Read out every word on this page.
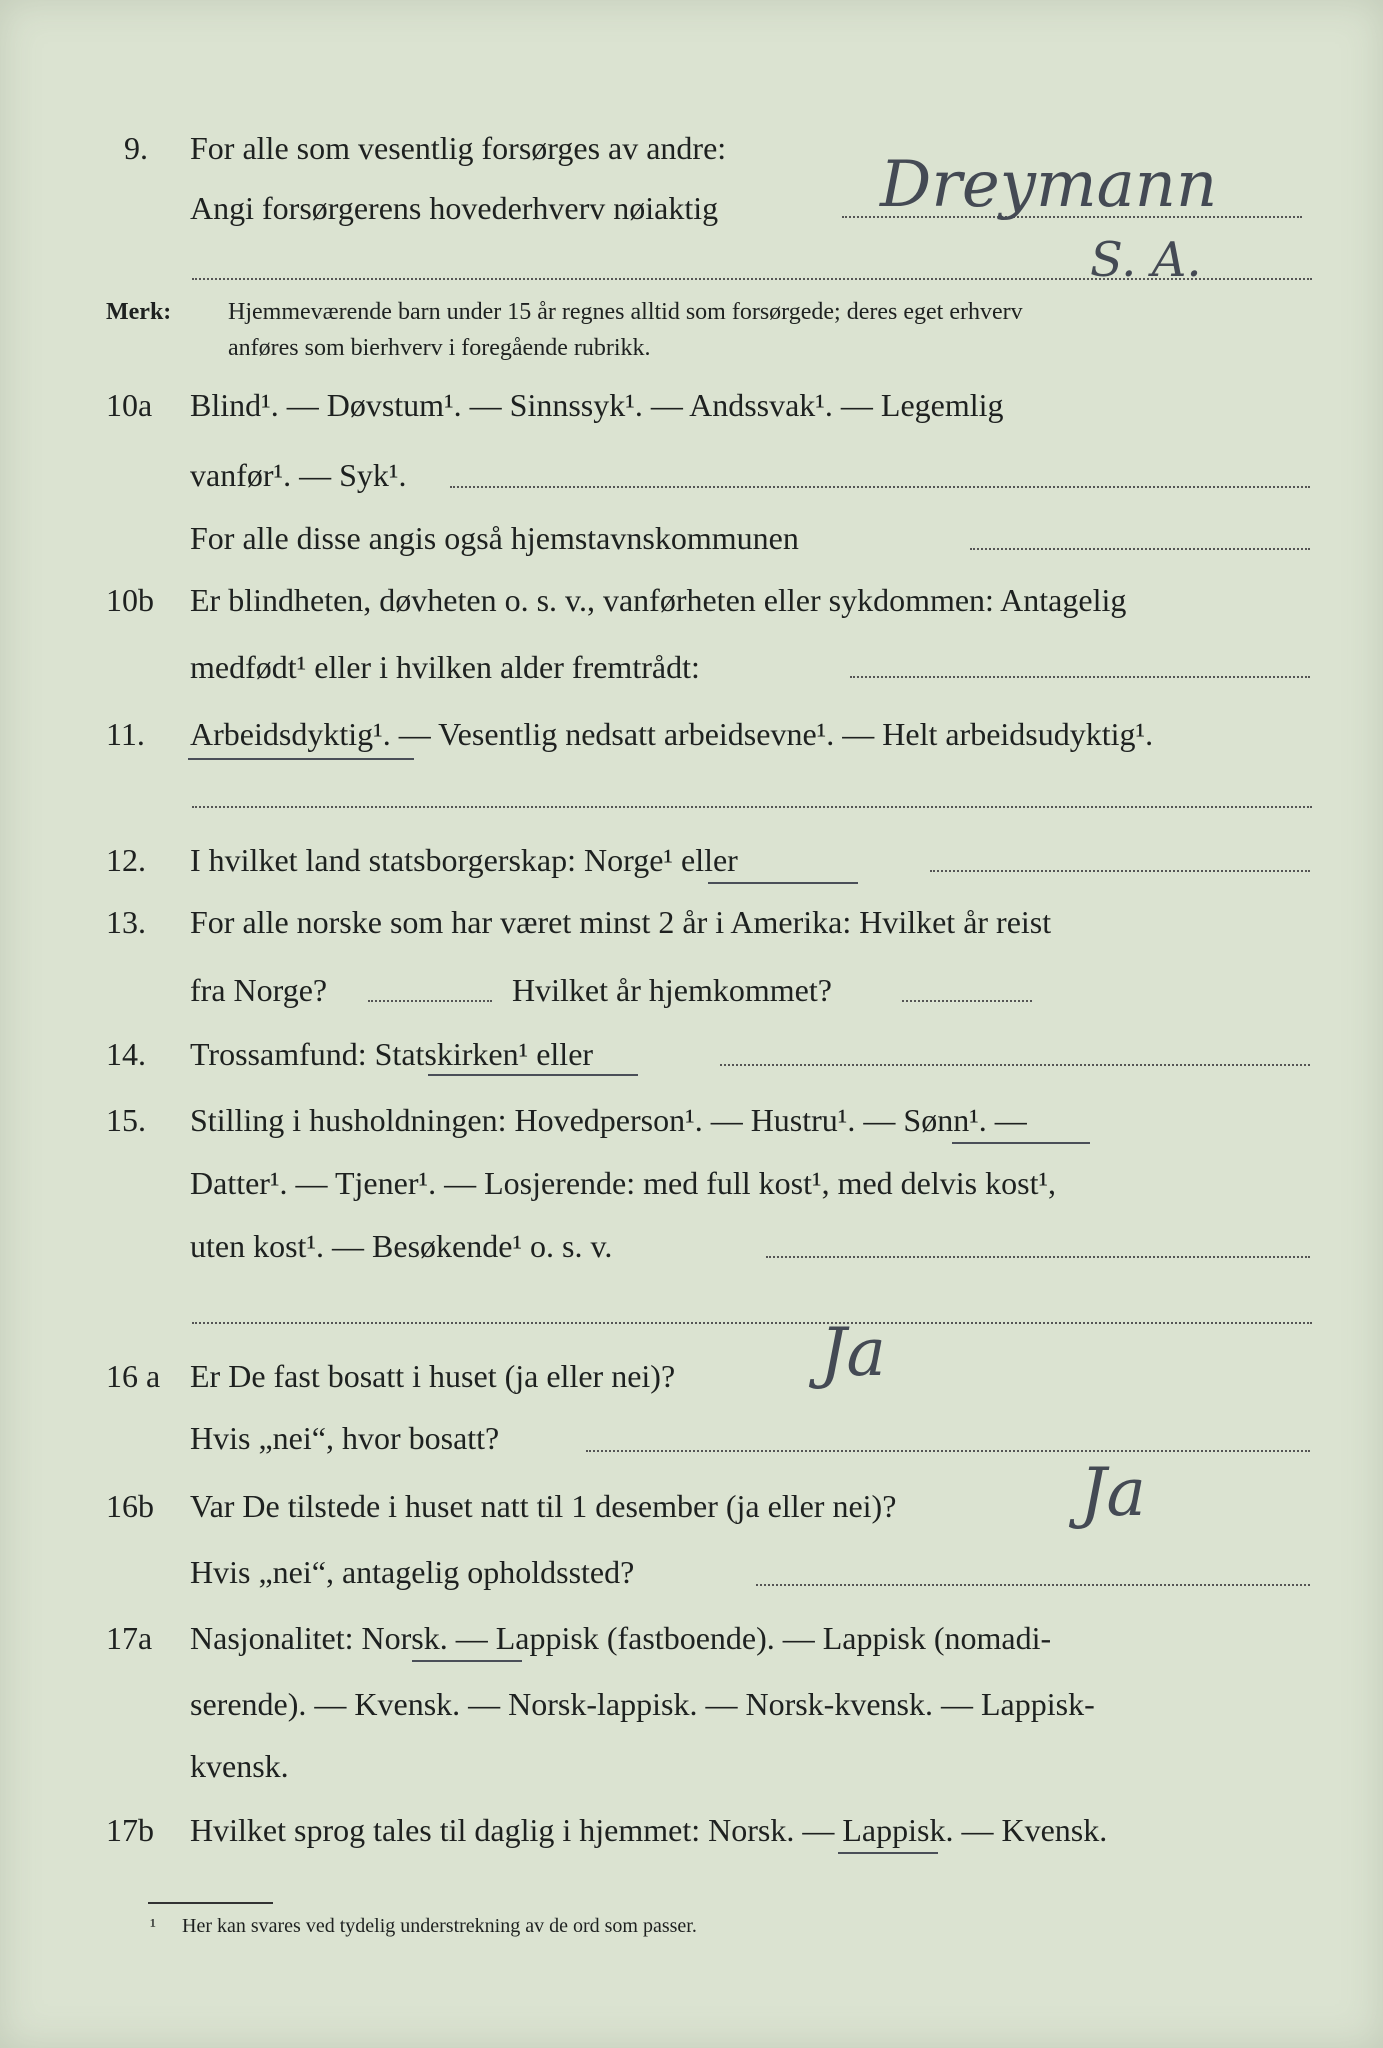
9. For alle som vesentlig forsørges av andre:
Angi forsørgerens hovederhverv nøiaktig	Dreymann
S. A.
Merk: Hjemmeværende barn under 15 år regnes alltid som forsørgede; deres eget erhverv
anføres som bierhverv i foregående rubrikk.
10a Blind¹. — Døvstum¹. — Sinnssyk¹. — Andssvak¹. — Legemlig
vanfør¹. — Syk¹.
For alle disse angis også hjemstavnskommunen
10b Er blindheten, døvheten o. s. v., vanførheten eller sykdommen: Antagelig
medfødt¹ eller i hvilken alder fremtrådt:
11. Arbeidsdyktig¹. — Vesentlig nedsatt arbeidsevne¹. — Helt arbeidsudyktig¹.
12. I hvilket land statsborgerskap: Norge¹ eller
13. For alle norske som har været minst 2 år i Amerika: Hvilket år reist
fra Norge?	Hvilket år hjemkommet?
14. Trossamfund: Statskirken¹ eller
15. Stilling i husholdningen: Hovedperson¹. — Hustru¹. — Sønn¹. —
Datter¹. — Tjener¹. — Losjerende: med full kost¹, med delvis kost¹,
uten kost¹. — Besøkende¹ o. s. v.
16 a Er De fast bosatt i huset (ja eller nei)? Ja
Hvis „nei“, hvor bosatt?
16b Var De tilstede i huset natt til 1 desember (ja eller nei)?	Ja
Hvis „nei“, antagelig opholdssted?
17a Nasjonalitet: Norsk. — Lappisk (fastboende). — Lappisk (nomadi-
serende). — Kvensk. — Norsk-lappisk. — Norsk-kvensk. — Lappisk-
kvensk.
17b Hvilket sprog tales til daglig i hjemmet: Norsk. — Lappisk. — Kvensk.
¹ Her kan svares ved tydelig understrekning av de ord som passer.
